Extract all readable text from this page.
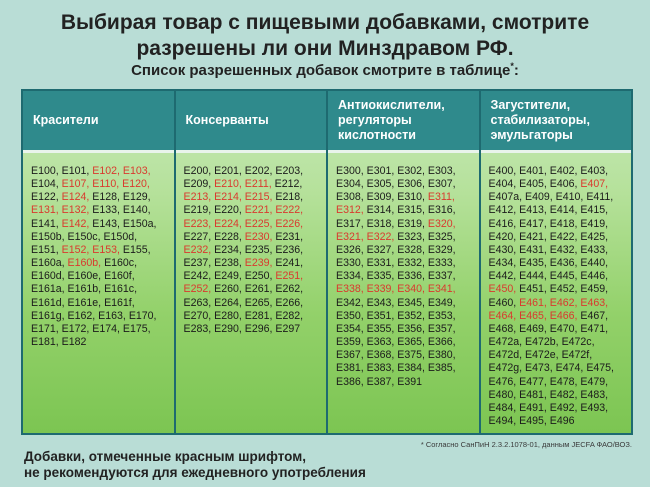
Выбирая товар с пищевыми добавками, смотрите
разрешены ли они Минздравом РФ.
Список разрешенных добавок смотрите в таблице*:
Красители
E100, E101, E102, E103, E104, E107, E110, E120, E122, E124, E128, E129, E131, E132, E133, E140, E141, E142, E143, E150a, E150b, E150c, E150d, E151, E152, E153, E155, E160a, E160b, E160c, E160d, E160e, E160f, E161a, E161b, E161c, E161d, E161e, E161f, E161g, E162, E163, E170, E171, E172, E174, E175, E181, E182
Консерванты
E200, E201, E202, E203, E209, E210, E211, E212, E213, E214, E215, E218, E219, E220, E221, E222, E223, E224, E225, E226, E227, E228, E230, E231, E232, E234, E235, E236, E237, E238, E239, E241, E242, E249, E250, E251, E252, E260, E261, E262, E263, E264, E265, E266, E270, E280, E281, E282, E283, E290, E296, E297
Антиокислители, регуляторы кислотности
E300, E301, E302, E303, E304, E305, E306, E307, E308, E309, E310, E311, E312, E314, E315, E316, E317, E318, E319, E320, E321, E322, E323, E325, E326, E327, E328, E329, E330, E331, E332, E333, E334, E335, E336, E337, E338, E339, E340, E341, E342, E343, E345, E349, E350, E351, E352, E353, E354, E355, E356, E357, E359, E363, E365, E366, E367, E368, E375, E380, E381, E383, E384, E385, E386, E387, E391
Загустители, стабилизаторы, эмульгаторы
E400, E401, E402, E403, E404, E405, E406, E407, E407a, E409, E410, E411, E412, E413, E414, E415, E416, E417, E418, E419, E420, E421, E422, E425, E430, E431, E432, E433, E434, E435, E436, E440, E442, E444, E445, E446, E450, E451, E452, E459, E460, E461, E462, E463, E464, E465, E466, E467, E468, E469, E470, E471, E472a, E472b, E472c, E472d, E472e, E472f, E472g, E473, E474, E475, E476, E477, E478, E479, E480, E481, E482, E483, E484, E491, E492, E493, E494, E495, E496
* Согласно СанПиН 2.3.2.1078-01, данным JECFA ФАО/ВОЗ.
Добавки, отмеченные красным шрифтом,
не рекомендуются для ежедневного употребления
